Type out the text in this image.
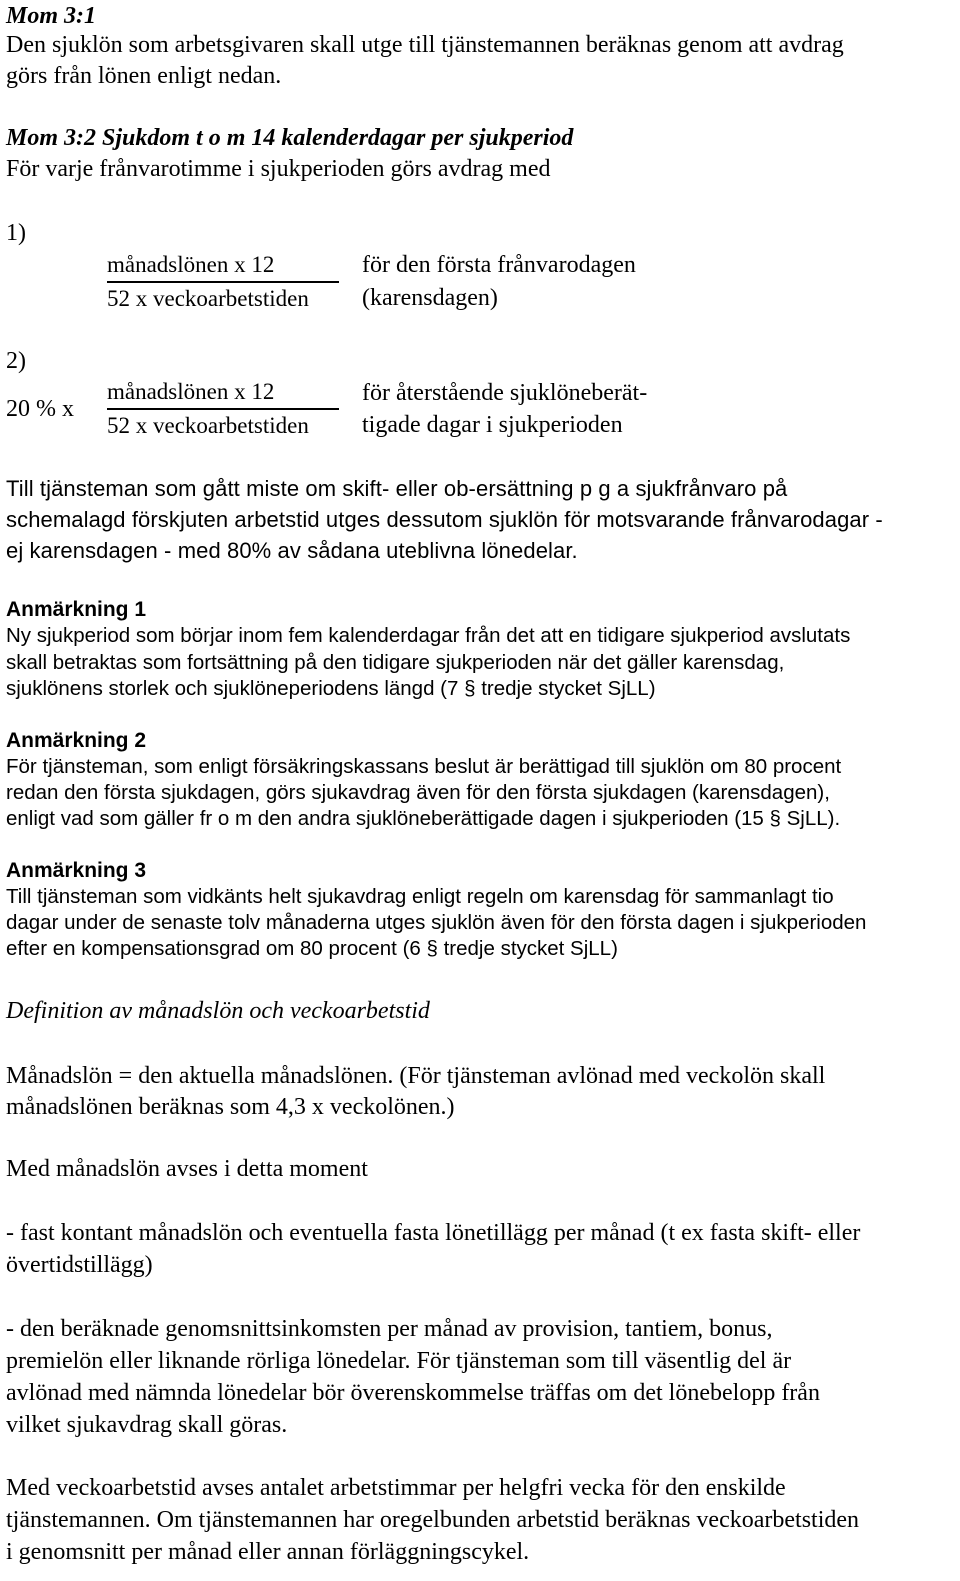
Mom 3:1
Den sjuklön som arbetsgivaren skall utge till tjänstemannen beräknas genom att avdrag
görs från lönen enligt nedan.
Mom 3:2 Sjukdom t o m 14 kalenderdagar per sjukperiod
För varje frånvarotimme i sjukperioden görs avdrag med
1)
månadslönen x 12
52 x veckoarbetstiden
för den första frånvarodagen
(karensdagen)
2)
20 % x
månadslönen x 12
52 x veckoarbetstiden
för återstående sjuklöneberät-
tigade dagar i sjukperioden
Till tjänsteman som gått miste om skift- eller ob-ersättning p g a sjukfrånvaro på
schemalagd förskjuten arbetstid utges dessutom sjuklön för motsvarande frånvarodagar -
ej karensdagen - med 80% av sådana uteblivna lönedelar.
Anmärkning 1
Ny sjukperiod som börjar inom fem kalenderdagar från det att en tidigare sjukperiod avslutats
skall betraktas som fortsättning på den tidigare sjukperioden när det gäller karensdag,
sjuklönens storlek och sjuklöneperiodens längd (7 § tredje stycket SjLL)
Anmärkning 2
För tjänsteman, som enligt försäkringskassans beslut är berättigad till sjuklön om 80 procent
redan den första sjukdagen, görs sjukavdrag även för den första sjukdagen (karensdagen),
enligt vad som gäller fr o m den andra sjuklöneberättigade dagen i sjukperioden (15 § SjLL).
Anmärkning 3
Till tjänsteman som vidkänts helt sjukavdrag enligt regeln om karensdag för sammanlagt tio
dagar under de senaste tolv månaderna utges sjuklön även för den första dagen i sjukperioden
efter en kompensationsgrad om 80 procent (6 § tredje stycket SjLL)
Definition av månadslön och veckoarbetstid
Månadslön = den aktuella månadslönen. (För tjänsteman avlönad med veckolön skall
månadslönen beräknas som 4,3 x veckolönen.)
Med månadslön avses i detta moment
- fast kontant månadslön och eventuella fasta lönetillägg per månad (t ex fasta skift- eller
övertidstillägg)
- den beräknade genomsnittsinkomsten per månad av provision, tantiem, bonus,
premielön eller liknande rörliga lönedelar. För tjänsteman som till väsentlig del är
avlönad med nämnda lönedelar bör överenskommelse träffas om det lönebelopp från
vilket sjukavdrag skall göras.
Med veckoarbetstid avses antalet arbetstimmar per helgfri vecka för den enskilde
tjänstemannen. Om tjänstemannen har oregelbunden arbetstid beräknas veckoarbetstiden
i genomsnitt per månad eller annan förläggningscykel.
